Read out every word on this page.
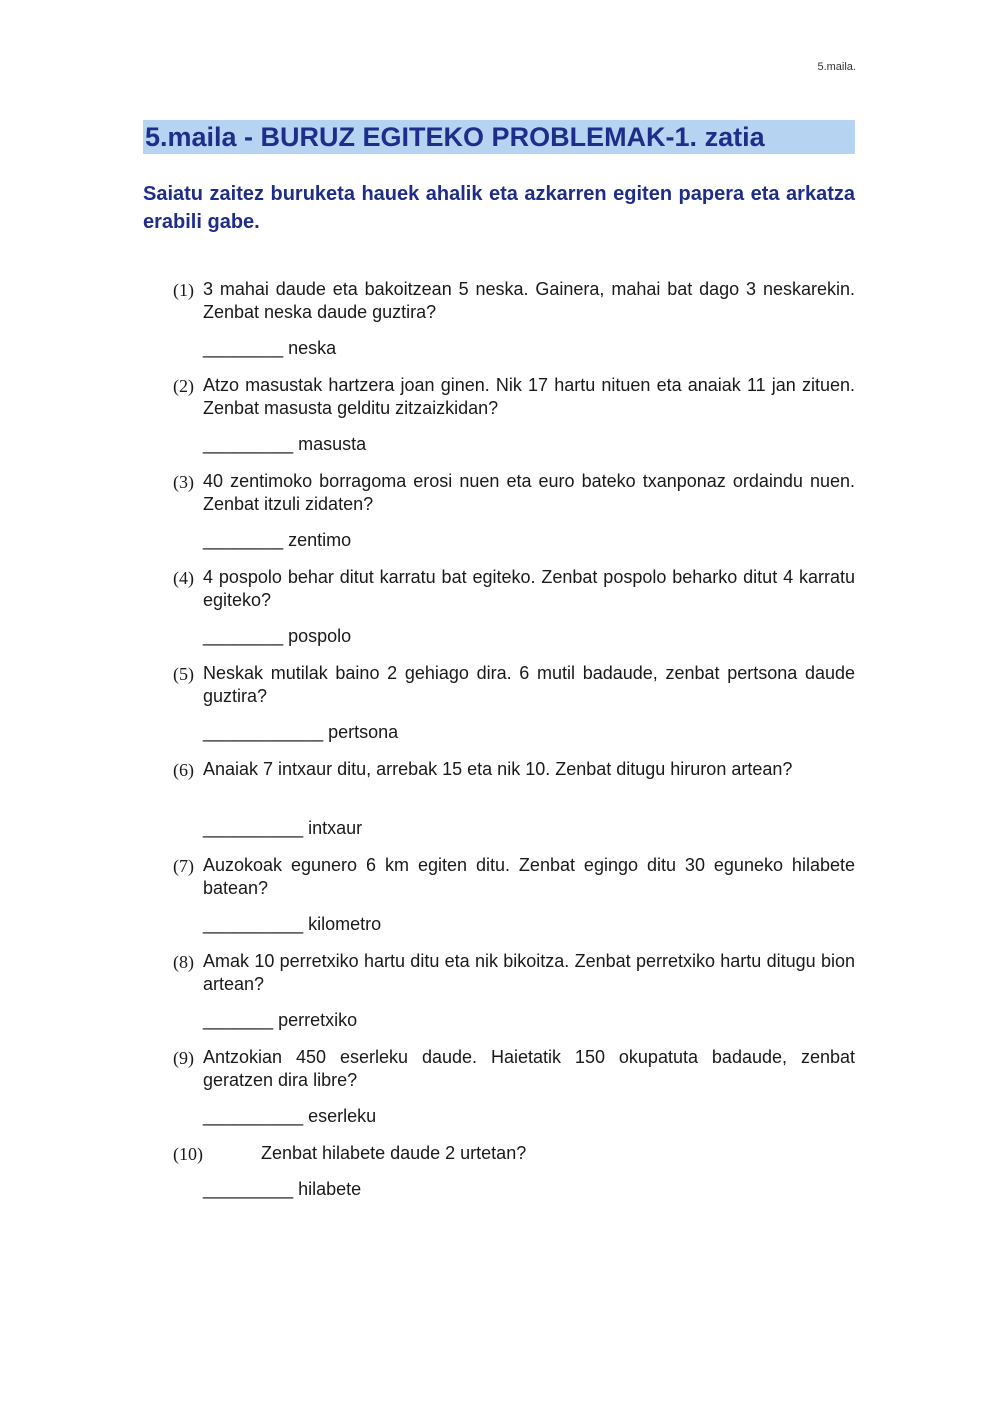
5.maila.
5.maila - BURUZ EGITEKO PROBLEMAK-1. zatia
Saiatu zaitez buruketa hauek ahalik eta azkarren egiten papera eta arkatza erabili gabe.
(1) 3 mahai daude eta bakoitzean 5 neska. Gainera, mahai bat dago 3 neskarekin. Zenbat neska daude guztira?
________ neska
(2) Atzo masustak hartzera joan ginen. Nik 17 hartu nituen eta anaiak 11 jan zituen. Zenbat masusta gelditu zitzaizkidan?
_________ masusta
(3) 40 zentimoko borragoma erosi nuen eta euro bateko txanponaz ordaindu nuen. Zenbat itzuli zidaten?
________ zentimo
(4) 4 pospolo behar ditut karratu bat egiteko. Zenbat pospolo beharko ditut 4 karratu egiteko?
________ pospolo
(5) Neskak mutilak baino 2 gehiago dira. 6 mutil badaude, zenbat pertsona daude guztira?
____________ pertsona
(6) Anaiak 7 intxaur ditu, arrebak 15 eta nik 10. Zenbat ditugu hiruron artean?
__________ intxaur
(7) Auzokoak egunero 6 km egiten ditu. Zenbat egingo ditu 30 eguneko hilabete batean?
__________ kilometro
(8) Amak 10 perretxiko hartu ditu eta nik bikoitza. Zenbat perretxiko hartu ditugu bion artean?
_______ perretxiko
(9) Antzokian 450 eserleku daude. Haietatik 150 okupatuta badaude, zenbat geratzen dira libre?
__________ eserleku
(10)	Zenbat hilabete daude 2 urtetan?
_________ hilabete
